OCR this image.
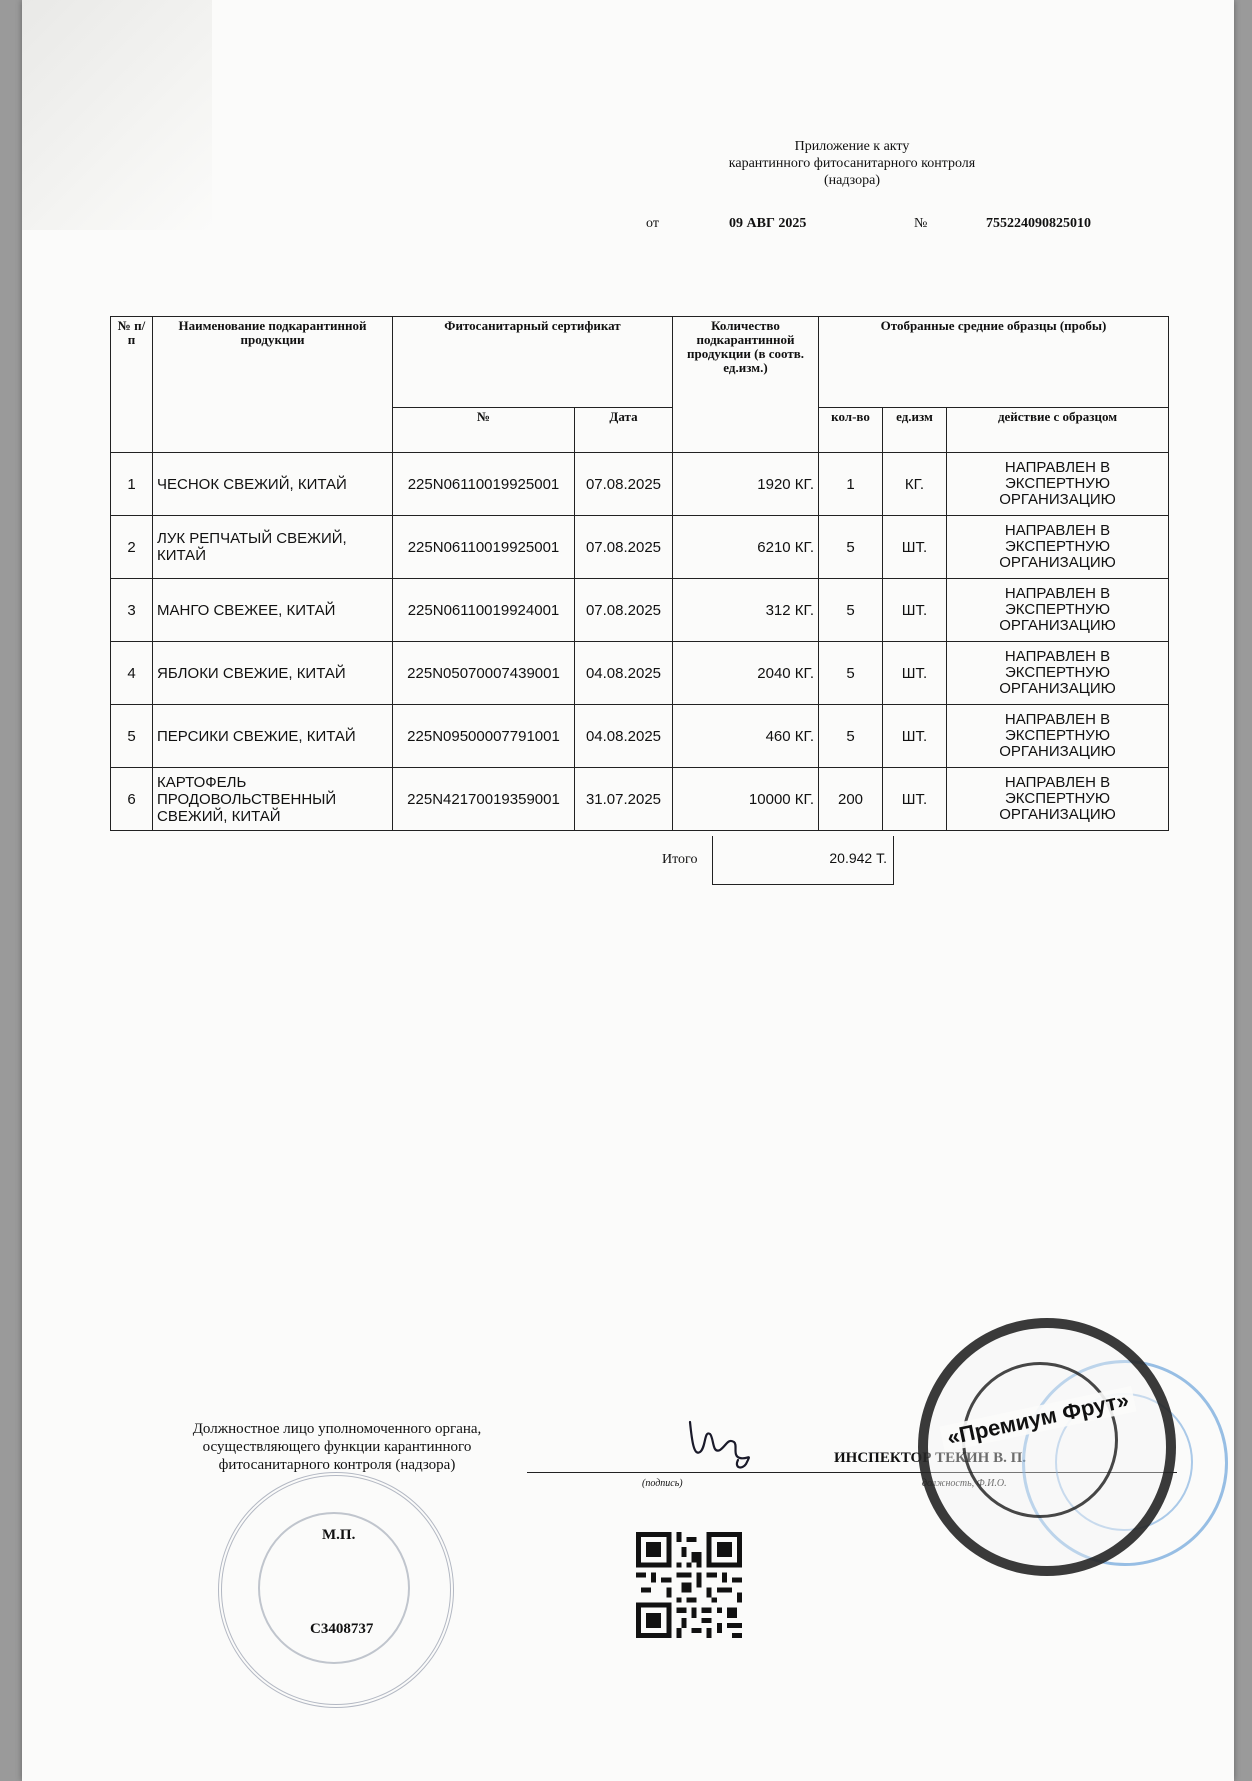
Приложение к акту
карантинного фитосанитарного контроля
(надзора)
от	09 АВГ 2025	№	755224090825010
№ п/п	Наименование подкарантинной продукции	Фитосанитарный сертификат		Количество подкарантинной продукции (в соотв. ед.изм.)	Отобранные средние образцы (пробы)		
		№	Дата		кол-во	ед.изм	действие с образцом
1	ЧЕСНОК СВЕЖИЙ, КИТАЙ	225N06110019925001	07.08.2025	1920 КГ.	1	КГ.	НАПРАВЛЕН В ЭКСПЕРТНУЮ ОРГАНИЗАЦИЮ
2	ЛУК РЕПЧАТЫЙ СВЕЖИЙ, КИТАЙ	225N06110019925001	07.08.2025	6210 КГ.	5	ШТ.	НАПРАВЛЕН В ЭКСПЕРТНУЮ ОРГАНИЗАЦИЮ
3	МАНГО СВЕЖЕЕ, КИТАЙ	225N06110019924001	07.08.2025	312 КГ.	5	ШТ.	НАПРАВЛЕН В ЭКСПЕРТНУЮ ОРГАНИЗАЦИЮ
4	ЯБЛОКИ СВЕЖИЕ, КИТАЙ	225N05070007439001	04.08.2025	2040 КГ.	5	ШТ.	НАПРАВЛЕН В ЭКСПЕРТНУЮ ОРГАНИЗАЦИЮ
5	ПЕРСИКИ СВЕЖИЕ, КИТАЙ	225N09500007791001	04.08.2025	460 КГ.	5	ШТ.	НАПРАВЛЕН В ЭКСПЕРТНУЮ ОРГАНИЗАЦИЮ
6	КАРТОФЕЛЬ ПРОДОВОЛЬСТВЕННЫЙ СВЕЖИЙ, КИТАЙ	225N42170019359001	31.07.2025	10000 КГ.	200	ШТ.	НАПРАВЛЕН В ЭКСПЕРТНУЮ ОРГАНИЗАЦИЮ
Итого	20.942 Т.
Должностное лицо уполномоченного органа, осуществляющего функции карантинного фитосанитарного контроля (надзора)
(подпись)	должность, Ф.И.О.
ИНСПЕКТОР ТЕКИН В. П.
М.П.
С3408737
«Премиум Фрут»
